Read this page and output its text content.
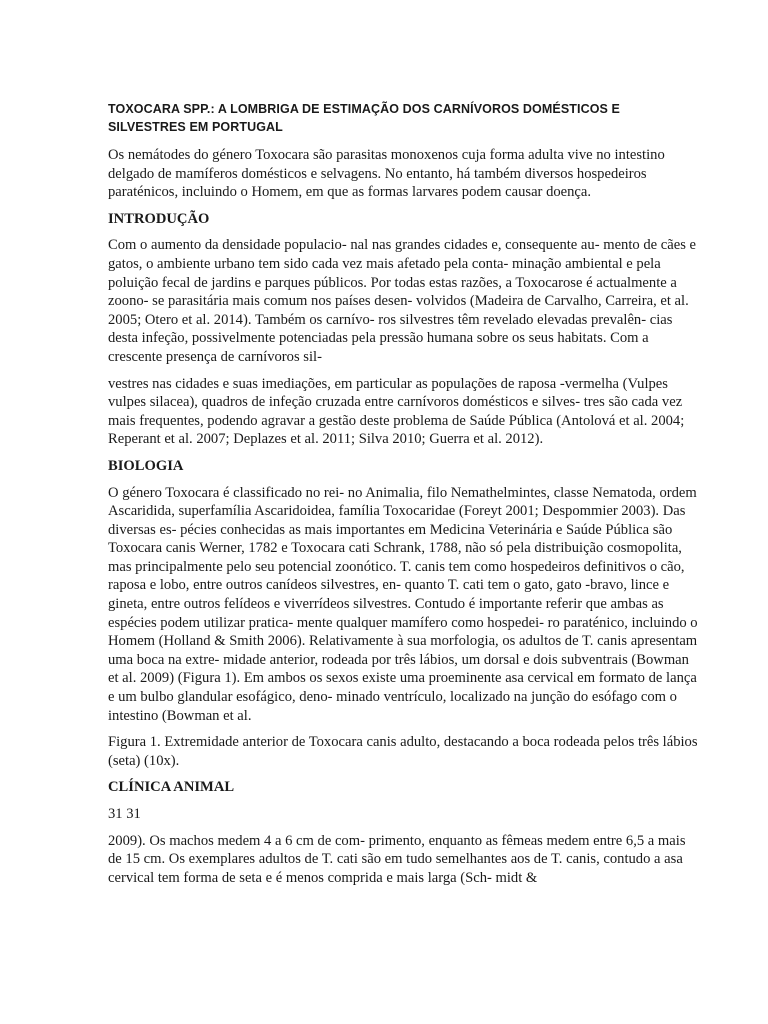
TOXOCARA SPP.: A LOMBRIGA DE ESTIMAÇÃO DOS CARNÍVOROS DOMÉSTICOS E SILVESTRES EM PORTUGAL
Os nemátodes do género Toxocara são parasitas monoxenos cuja forma adulta vive no intestino delgado de mamíferos domésticos e selvagens. No entanto, há também diversos hospedeiros paraténicos, incluindo o Homem, em que as formas larvares podem causar doença.
INTRODUÇÃO
Com o aumento da densidade populacio- nal nas grandes cidades e, consequente au- mento de cães e gatos, o ambiente urbano tem sido cada vez mais afetado pela conta- minação ambiental e pela poluição fecal de jardins e parques públicos. Por todas estas razões, a Toxocarose é actualmente a zoono- se parasitária mais comum nos países desen- volvidos (Madeira de Carvalho, Carreira, et al. 2005; Otero et al. 2014). Também os carnívo- ros silvestres têm revelado elevadas prevalên- cias desta infeção, possivelmente potenciadas pela pressão humana sobre os seus habitats. Com a crescente presença de carnívoros sil-
vestres nas cidades e suas imediações, em particular as populações de raposa -vermelha (Vulpes vulpes silacea), quadros de infeção cruzada entre carnívoros domésticos e silves- tres são cada vez mais frequentes, podendo agravar a gestão deste problema de Saúde Pública (Antolová et al. 2004; Reperant et al. 2007; Deplazes et al. 2011; Silva 2010; Guerra et al. 2012).
BIOLOGIA
O género Toxocara é classificado no rei- no Animalia, filo Nemathelmintes, classe Nematoda, ordem Ascaridida, superfamília Ascaridoidea, família Toxocaridae (Foreyt 2001; Despommier 2003). Das diversas es- pécies conhecidas as mais importantes em Medicina Veterinária e Saúde Pública são Toxocara canis Werner, 1782 e Toxocara cati Schrank, 1788, não só pela distribuição cosmopolita, mas principalmente pelo seu potencial zoonótico. T. canis tem como hospedeiros definitivos o cão, raposa e lobo, entre outros canídeos silvestres, en- quanto T. cati tem o gato, gato -bravo, lince e gineta, entre outros felídeos e viverrídeos silvestres. Contudo é importante referir que ambas as espécies podem utilizar pratica- mente qualquer mamífero como hospedei- ro paraténico, incluindo o Homem (Holland & Smith 2006). Relativamente à sua morfologia, os adultos de T. canis apresentam uma boca na extre- midade anterior, rodeada por três lábios, um dorsal e dois subventrais (Bowman et al. 2009) (Figura 1). Em ambos os sexos existe uma proeminente asa cervical em formato de lança e um bulbo glandular esofágico, deno- minado ventrículo, localizado na junção do esófago com o intestino (Bowman et al.
Figura 1. Extremidade anterior de Toxocara canis adulto, destacando a boca rodeada pelos três lábios (seta) (10x).
CLÍNICA ANIMAL
31 31
2009). Os machos medem 4 a 6 cm de com- primento, enquanto as fêmeas medem entre 6,5 a mais de 15 cm. Os exemplares adultos de T. cati são em tudo semelhantes aos de T. canis, contudo a asa cervical tem forma de seta e é menos comprida e mais larga (Sch- midt &
